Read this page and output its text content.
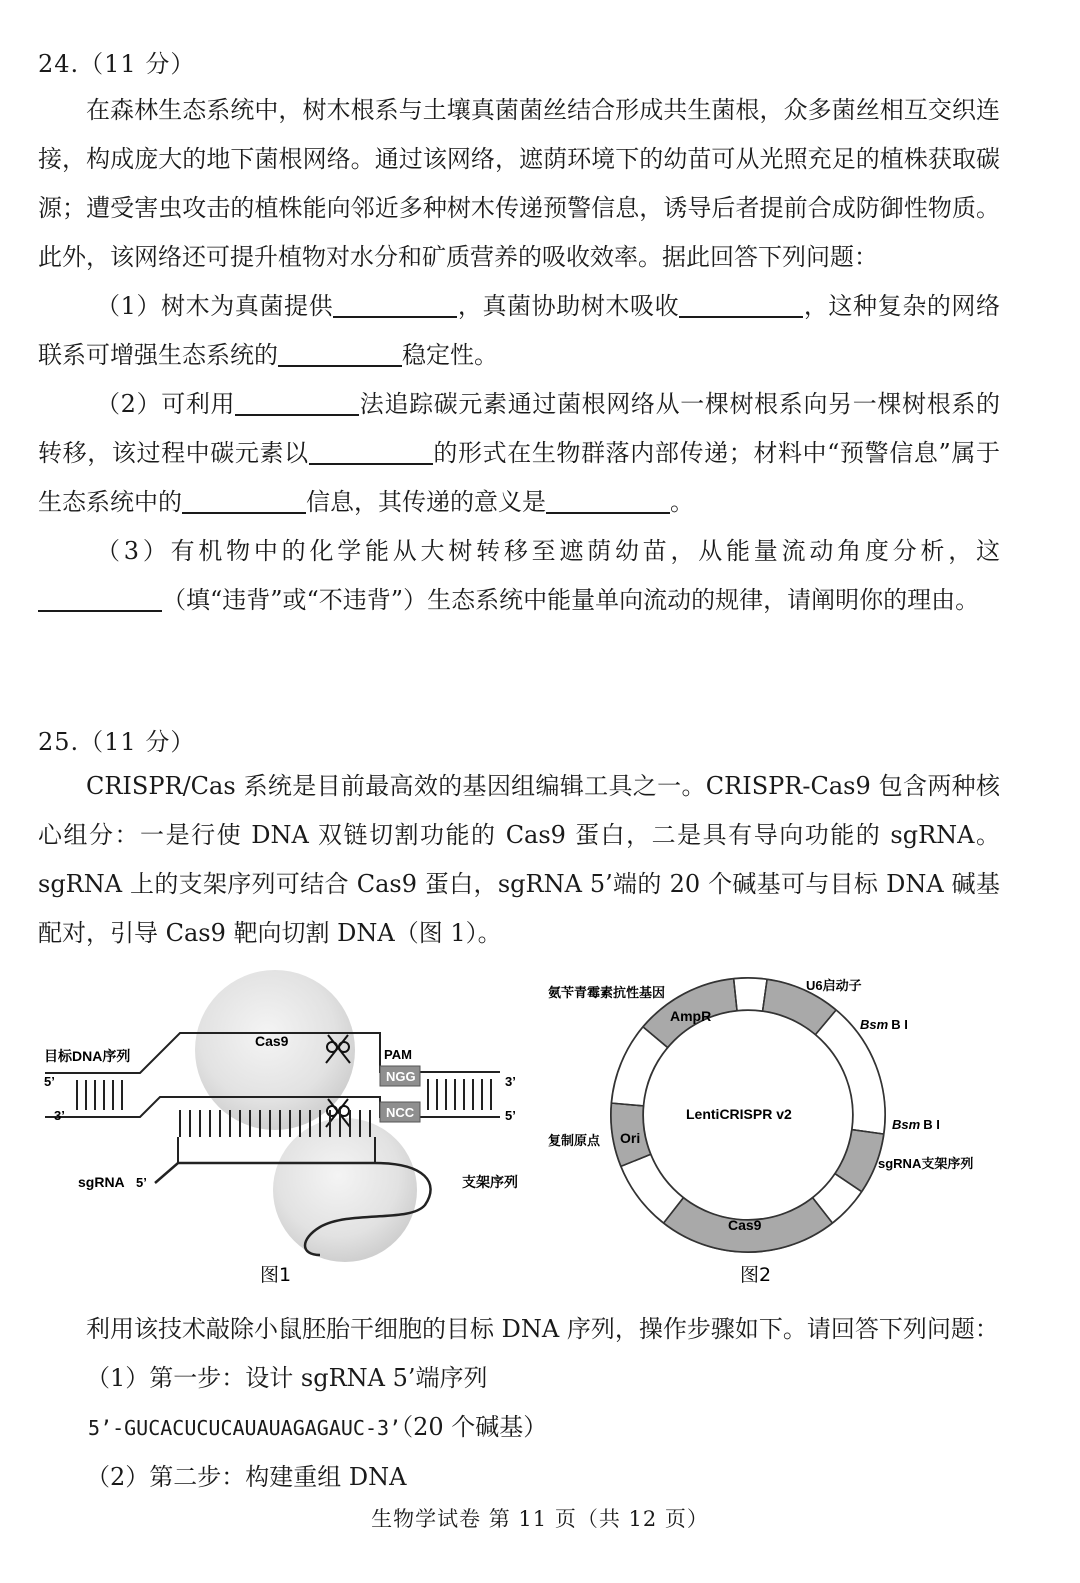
24.（11 分）

在森林生态系统中，树木根系与土壤真菌菌丝结合形成共生菌根，众多菌丝相互交织连接，构成庞大的地下菌根网络。通过该网络，遮荫环境下的幼苗可从光照充足的植株获取碳源；遭受害虫攻击的植株能向邻近多种树木传递预警信息，诱导后者提前合成防御性物质。此外，该网络还可提升植物对水分和矿质营养的吸收效率。据此回答下列问题：

（1）树木为真菌提供	，真菌协助树木吸收	，这种复杂的网络联系可增强生态系统的	稳定性。

（2）可利用	法追踪碳元素通过菌根网络从一棵树根系向另一棵树根系的转移，该过程中碳元素以	的形式在生物群落内部传递；材料中“预警信息”属于生态系统中的	信息，其传递的意义是	。

（3）有机物中的化学能从大树转移至遮荫幼苗，从能量流动角度分析，这（填“违背”或“不违背”）生态系统中能量单向流动的规律，请阐明你的理由。

25.（11 分）

CRISPR/Cas 系统是目前最高效的基因组编辑工具之一。CRISPR-Cas9 包含两种核心组分：一是行使 DNA 双链切割功能的 Cas9 蛋白，二是具有导向功能的 sgRNA。sgRNA 上的支架序列可结合 Cas9 蛋白，sgRNA 5’端的 20 个碱基可与目标 DNA 碱基配对，引导 Cas9 靶向切割 DNA（图 1）。

Cas9
NGG
NCC
PAM
目标DNA序列
5’	3’
3’	5’
sgRNA 5’	支架序列
图1
LentiCRISPR v2
AmpR
Ori
Cas9
氨苄青霉素抗性基因	U6启动子
Bsm B I
Bsm B I
复制原点
sgRNA支架序列
图2

利用该技术敲除小鼠胚胎干细胞的目标 DNA 序列，操作步骤如下。请回答下列问题：

（1）第一步：设计 sgRNA 5’端序列

5’-GUCACUCUCAUAUAGAGAUC-3’（20 个碱基）

（2）第二步：构建重组 DNA

生物学试卷 第 11 页（共 12 页）
